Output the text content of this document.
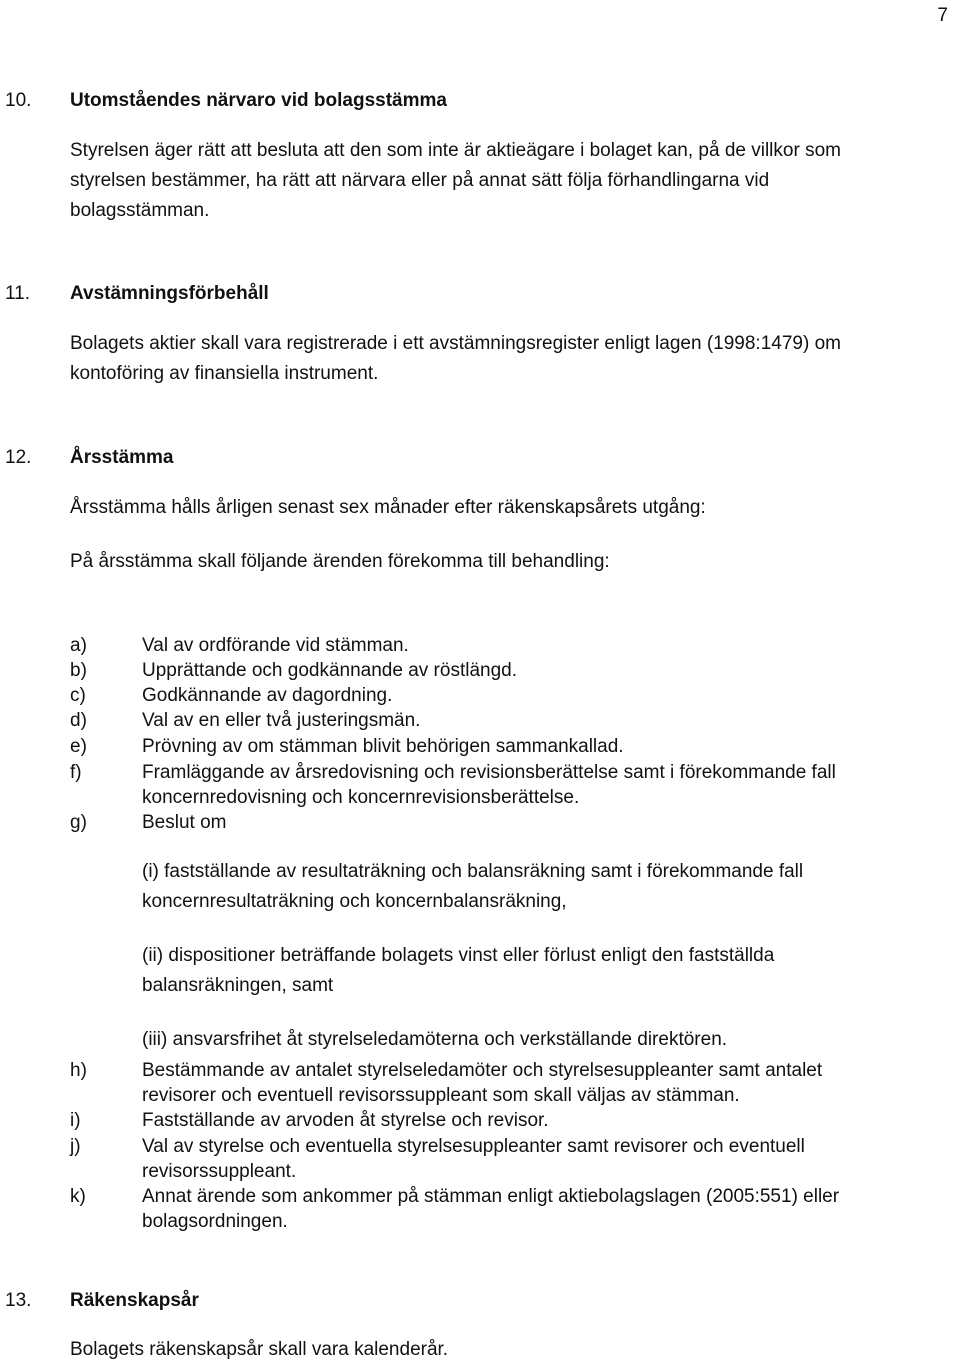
7
10. Utomståendes närvaro vid bolagsstämma
Styrelsen äger rätt att besluta att den som inte är aktieägare i bolaget kan, på de villkor som
styrelsen bestämmer, ha rätt att närvara eller på annat sätt följa förhandlingarna vid
bolagsstämman.
11. Avstämningsförbehåll
Bolagets aktier skall vara registrerade i ett avstämningsregister enligt lagen (1998:1479) om
kontoföring av finansiella instrument.
12. Årsstämma
Årsstämma hålls årligen senast sex månader efter räkenskapsårets utgång:
På årsstämma skall följande ärenden förekomma till behandling:
a)	Val av ordförande vid stämman.
b)	Upprättande och godkännande av röstlängd.
c)	Godkännande av dagordning.
d)	Val av en eller två justeringsmän.
e)	Prövning av om stämman blivit behörigen sammankallad.
f)	Framläggande av årsredovisning och revisionsberättelse samt i förekommande fall
koncernredovisning och koncernrevisionsberättelse.
g)	Beslut om
(i) fastställande av resultaträkning och balansräkning samt i förekommande fall
koncernresultaträkning och koncernbalansräkning,
(ii) dispositioner beträffande bolagets vinst eller förlust enligt den fastställda
balansräkningen, samt
(iii) ansvarsfrihet åt styrelseledamöterna och verkställande direktören.
h)	Bestämmande av antalet styrelseledamöter och styrelsesuppleanter samt antalet
revisorer och eventuell revisorssuppleant som skall väljas av stämman.
i)	Fastställande av arvoden åt styrelse och revisor.
j)	Val av styrelse och eventuella styrelsesuppleanter samt revisorer och eventuell
revisorssuppleant.
k)	Annat ärende som ankommer på stämman enligt aktiebolagslagen (2005:551) eller
bolagsordningen.
13. Räkenskapsår
Bolagets räkenskapsår skall vara kalenderår.
